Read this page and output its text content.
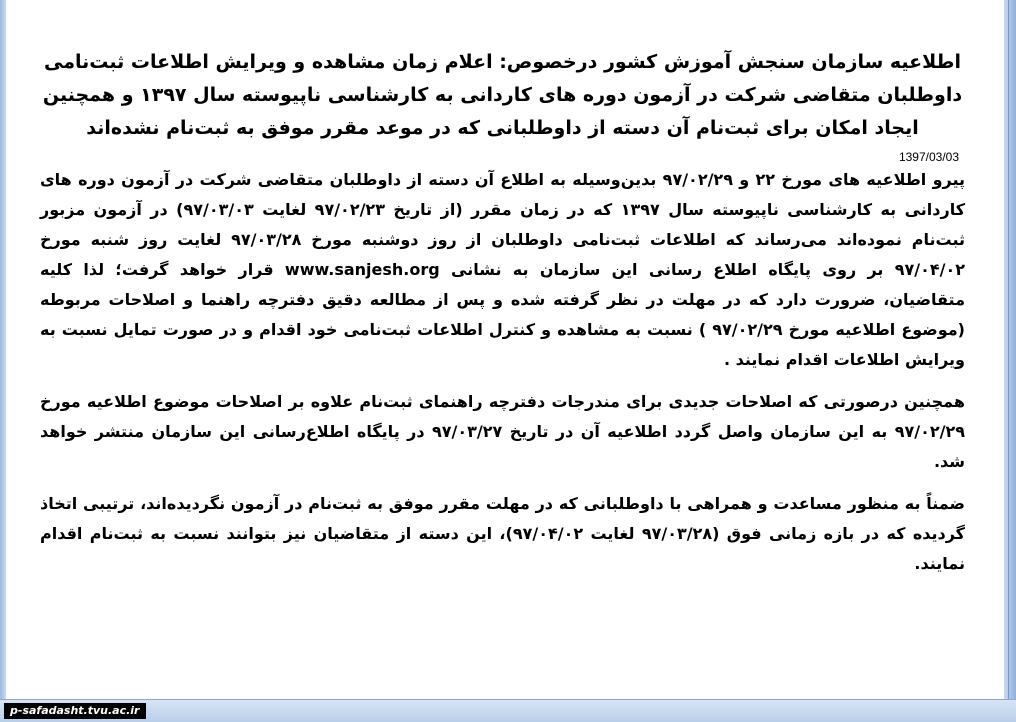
اطلاعیه سازمان سنجش آموزش کشور درخصوص: اعلام زمان مشاهده و ویرایش اطلاعات ثبت‌نامی داوطلبان متقاضی شرکت در آزمون دوره های کاردانی به کارشناسی ناپیوسته سال ۱۳۹۷ و همچنین ایجاد امکان برای ثبت‌نام آن دسته از داوطلبانی که در موعد مقرر موفق به ثبت‌نام نشده‌اند

1397/03/03

پیرو اطلاعیه های مورخ ۲۲ و ۹۷/۰۲/۲۹ بدین‌وسیله به اطلاع آن دسته از داوطلبان متقاضی شرکت در آزمون دوره های کاردانی به کارشناسی ناپیوسته سال ۱۳۹۷ که در زمان مقرر (از تاریخ ۹۷/۰۲/۲۳ لغایت ۹۷/۰۳/۰۳) در آزمون مزبور ثبت‌نام نموده‌اند می‌رساند که اطلاعات ثبت‌نامی داوطلبان از روز دوشنبه مورخ ۹۷/۰۳/۲۸ لغایت روز شنبه مورخ ۹۷/۰۴/۰۲ بر روی پایگاه اطلاع رسانی این سازمان به نشانی www.sanjesh.org قرار خواهد گرفت؛ لذا کلیه متقاضیان، ضرورت دارد که در مهلت در نظر گرفته شده و پس از مطالعه دقیق دفترچه راهنما و اصلاحات مربوطه (موضوع اطلاعیه مورخ ۹۷/۰۲/۲۹ ) نسبت به مشاهده و کنترل اطلاعات ثبت‌نامی خود اقدام و در صورت تمایل نسبت به ویرایش اطلاعات اقدام نمایند .

همچنین درصورتی که اصلاحات جدیدی برای مندرجات دفترچه راهنمای ثبت‌نام علاوه بر اصلاحات موضوع اطلاعیه مورخ ۹۷/۰۲/۲۹ به این سازمان واصل گردد اطلاعیه آن در تاریخ ۹۷/۰۳/۲۷ در پایگاه اطلاع‌رسانی این سازمان منتشر خواهد شد.

ضمناً به منظور مساعدت و همراهی با داوطلبانی که در مهلت مقرر موفق به ثبت‌نام در آزمون نگردیده‌اند، ترتیبی اتخاذ گردیده که در بازه زمانی فوق (۹۷/۰۳/۲۸ لغایت ۹۷/۰۴/۰۲)، این دسته از متقاضیان نیز بتوانند نسبت به ثبت‌نام اقدام نمایند.

p-safadasht.tvu.ac.ir
